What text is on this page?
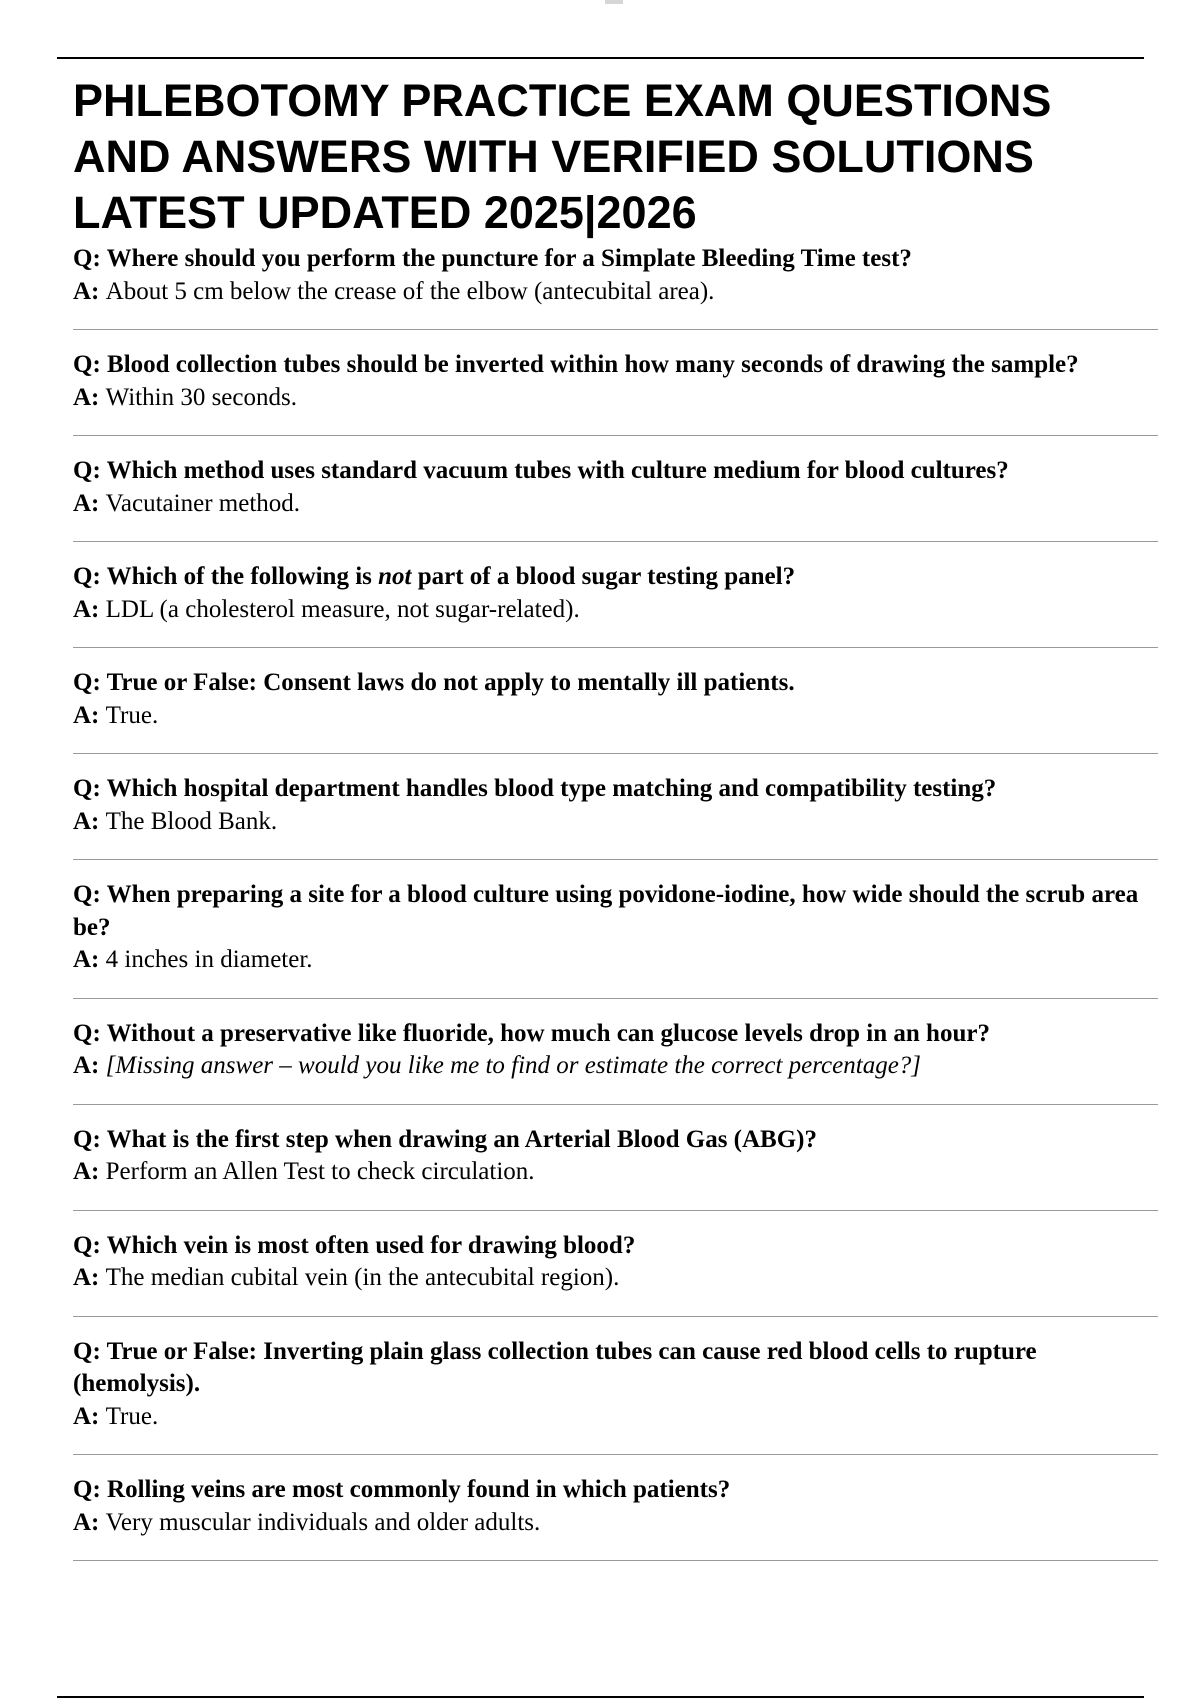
PHLEBOTOMY PRACTICE EXAM QUESTIONS
AND ANSWERS WITH VERIFIED SOLUTIONS
LATEST UPDATED 2025|2026
Q: Where should you perform the puncture for a Simplate Bleeding Time test?
A: About 5 cm below the crease of the elbow (antecubital area).
Q: Blood collection tubes should be inverted within how many seconds of drawing the sample?
A: Within 30 seconds.
Q: Which method uses standard vacuum tubes with culture medium for blood cultures?
A: Vacutainer method.
Q: Which of the following is not part of a blood sugar testing panel?
A: LDL (a cholesterol measure, not sugar-related).
Q: True or False: Consent laws do not apply to mentally ill patients.
A: True.
Q: Which hospital department handles blood type matching and compatibility testing?
A: The Blood Bank.
Q: When preparing a site for a blood culture using povidone-iodine, how wide should the scrub area be?
A: 4 inches in diameter.
Q: Without a preservative like fluoride, how much can glucose levels drop in an hour?
A: [Missing answer – would you like me to find or estimate the correct percentage?]
Q: What is the first step when drawing an Arterial Blood Gas (ABG)?
A: Perform an Allen Test to check circulation.
Q: Which vein is most often used for drawing blood?
A: The median cubital vein (in the antecubital region).
Q: True or False: Inverting plain glass collection tubes can cause red blood cells to rupture (hemolysis).
A: True.
Q: Rolling veins are most commonly found in which patients?
A: Very muscular individuals and older adults.
